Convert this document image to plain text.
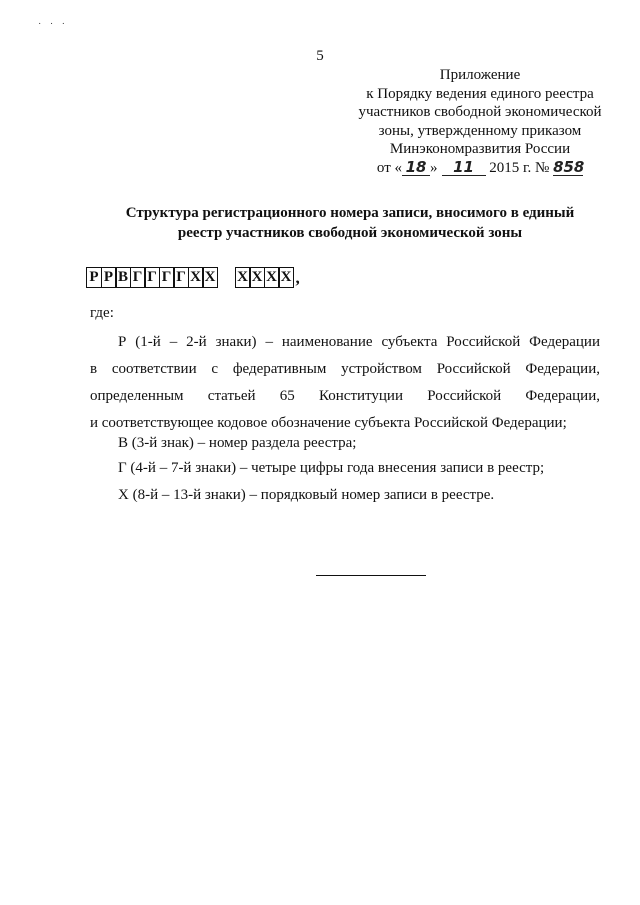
˙ ˙ ˙
5
Приложение
к Порядку ведения единого реестра
участников свободной экономической
зоны, утвержденному приказом
Минэкономразвития России
от « 18 » 11 2015 г. № 858
Структура регистрационного номера записи, вносимого в единый
реестр участников свободной экономической зоны
Р Р В Г Г Г Г Х Х Х Х Х Х ,
где:
Р (1-й – 2-й знаки) – наименование субъекта Российской Федерации
в соответствии с федеративным устройством Российской Федерации,
определенным статьей 65 Конституции Российской Федерации,
и соответствующее кодовое обозначение субъекта Российской Федерации;
В (3-й знак) – номер раздела реестра;
Г (4-й – 7-й знаки) – четыре цифры года внесения записи в реестр;
Х (8-й – 13-й знаки) – порядковый номер записи в реестре.
